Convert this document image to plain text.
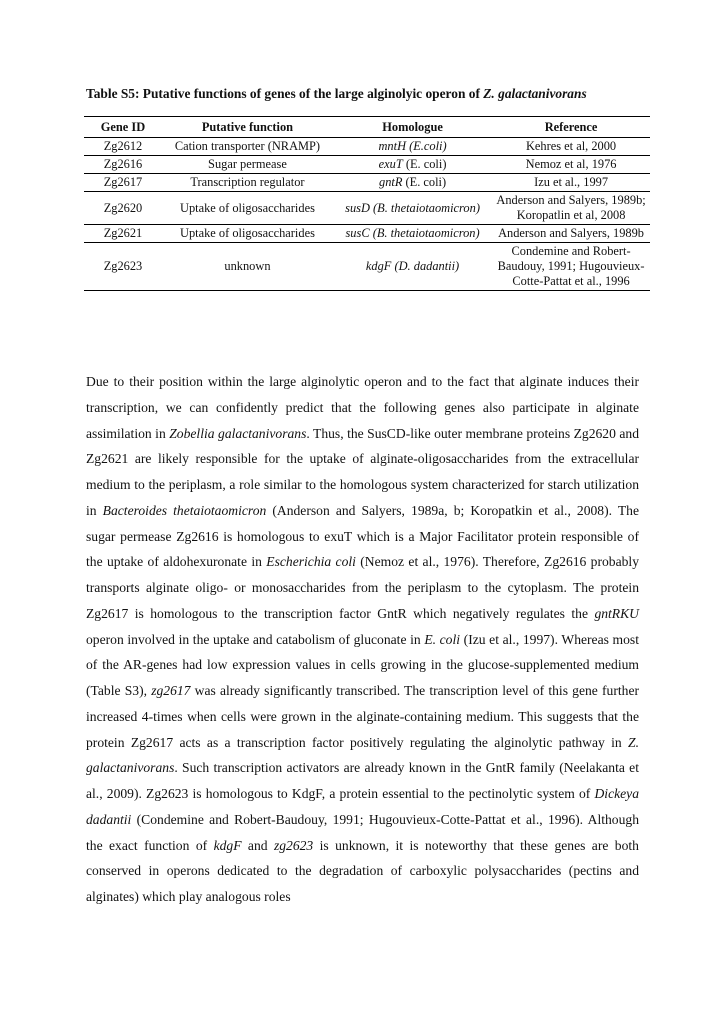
Table S5: Putative functions of genes of the large alginolyic operon of Z. galactanivorans
Gene ID	Putative function	Homologue	Reference
Zg2612	Cation transporter (NRAMP)	mntH (E.coli)	Kehres et al, 2000
Zg2616	Sugar permease	exuT (E. coli)	Nemoz et al, 1976
Zg2617	Transcription regulator	gntR (E. coli)	Izu et al., 1997
Zg2620	Uptake of oligosaccharides	susD (B. thetaiotaomicron)	Anderson and Salyers, 1989b; Koropatlin et al, 2008
Zg2621	Uptake of oligosaccharides	susC (B. thetaiotaomicron)	Anderson and Salyers, 1989b
Zg2623	unknown	kdgF (D. dadantii)	Condemine and Robert-Baudouy, 1991; Hugouvieux-Cotte-Pattat et al., 1996

Due to their position within the large alginolytic operon and to the fact that alginate induces their transcription, we can confidently predict that the following genes also participate in alginate assimilation in Zobellia galactanivorans. Thus, the SusCD-like outer membrane proteins Zg2620 and Zg2621 are likely responsible for the uptake of alginate-oligosaccharides from the extracellular medium to the periplasm, a role similar to the homologous system characterized for starch utilization in Bacteroides thetaiotaomicron (Anderson and Salyers, 1989a, b; Koropatkin et al., 2008). The sugar permease Zg2616 is homologous to exuT which is a Major Facilitator protein responsible of the uptake of aldohexuronate in Escherichia coli (Nemoz et al., 1976). Therefore, Zg2616 probably transports alginate oligo- or monosaccharides from the periplasm to the cytoplasm. The protein Zg2617 is homologous to the transcription factor GntR which negatively regulates the gntRKU operon involved in the uptake and catabolism of gluconate in E. coli (Izu et al., 1997). Whereas most of the AR-genes had low expression values in cells growing in the glucose-supplemented medium (Table S3), zg2617 was already significantly transcribed. The transcription level of this gene further increased 4-times when cells were grown in the alginate-containing medium. This suggests that the protein Zg2617 acts as a transcription factor positively regulating the alginolytic pathway in Z. galactanivorans. Such transcription activators are already known in the GntR family (Neelakanta et al., 2009). Zg2623 is homologous to KdgF, a protein essential to the pectinolytic system of Dickeya dadantii (Condemine and Robert-Baudouy, 1991; Hugouvieux-Cotte-Pattat et al., 1996). Although the exact function of kdgF and zg2623 is unknown, it is noteworthy that these genes are both conserved in operons dedicated to the degradation of carboxylic polysaccharides (pectins and alginates) which play analogous roles
